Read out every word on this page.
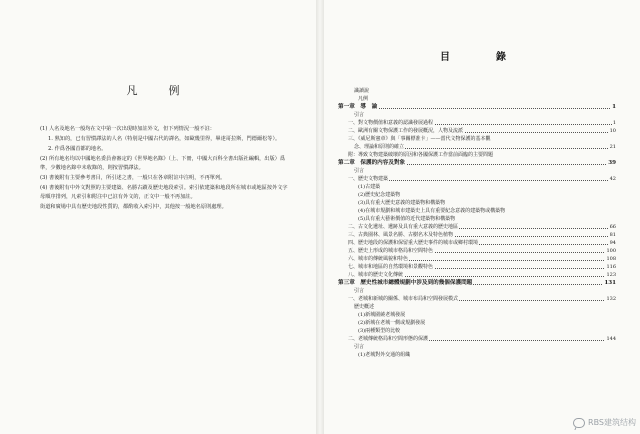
凡　例
(1) 人名及地名一般均在文中第一次出現時加註外文，但下列情況一般不註：
1. 熟知的，已有習慣譯法的人名（特別是中國古代的譯名，如歐幾里得，畢達哥拉斯，門德爾松等）。
2. 作爲各國首都的地名。
(2) 所有地名均以中國地名委員會審定的《世界地名錄》（上、下冊，中國大百科全書出版社編輯，出版）爲準，少數地名錄中未收錄的，則按習慣譯法。
(3) 書後附有主要參考書目，所引述之書，一般只在各章附註中注明，不再單列。
(4) 書後附有中外文對照的主要建築、名勝古蹟及歷史地段索引。索引依建築和地段所在城市或地區按外文字母順序排列，凡索引和附注中已註有外文的，正文中一般不再加註。
街道和廣場中具有歷史地段性質的，都酌收入索引中，其他按一般地名原則處理。
目　錄
識讀說
凡例
第一章　導　論	1
引言
一、對文物價值和意義的認識發展過程	1
二、歐洲有關文物保護工作的發展概況，人物及流派	10
三、《威尼斯憲章》與「事關標准卡」——當代文物保護的基本觀
念、理論和原則的確立	21
附：導致文物建築破壞的原因和各國保護工作當前面臨的主要問題
第二章　保護的内容及對象	39
引言
一、歷史文物建築	42
(1)古建築
(2)歷史紀念建築物
(3)具有重大歷史意義的建築物和構築物
(4)在城市規劃和城市建築史上具有重要紀念意義的建築物或構築物
(5)具有重大藝術價值的近代建築物和構築物
二、古文化遺址、遺跡及具有重大意義的歷史地區	66
三、古典園林、風景名勝、古樹名木及特色植物	81
四、歷史地段的保護和保留重大歷史事件的城市或鄉村環境	94
五、歷史上形成的城市格局和空間特色	100
六、城市的傳統風貌和特色	108
七、城市和地區的自然環境和景觀特色	116
八、城市的歷史文化傳統	123
第三章　歷史性城市總體規劃中涉及到的幾個保護問題	131
引言
一、老城和新城的關係、城市布局和空間發展模式	132
歷史概述
(1)新城圍繞老城發展
(2)新城在老城一側或規劃發展
(3)兩種類型的比較
二、老城傳統格局和空間形態的保護	144
引言
(1)老城對外交通的組織
RBS建筑结构
